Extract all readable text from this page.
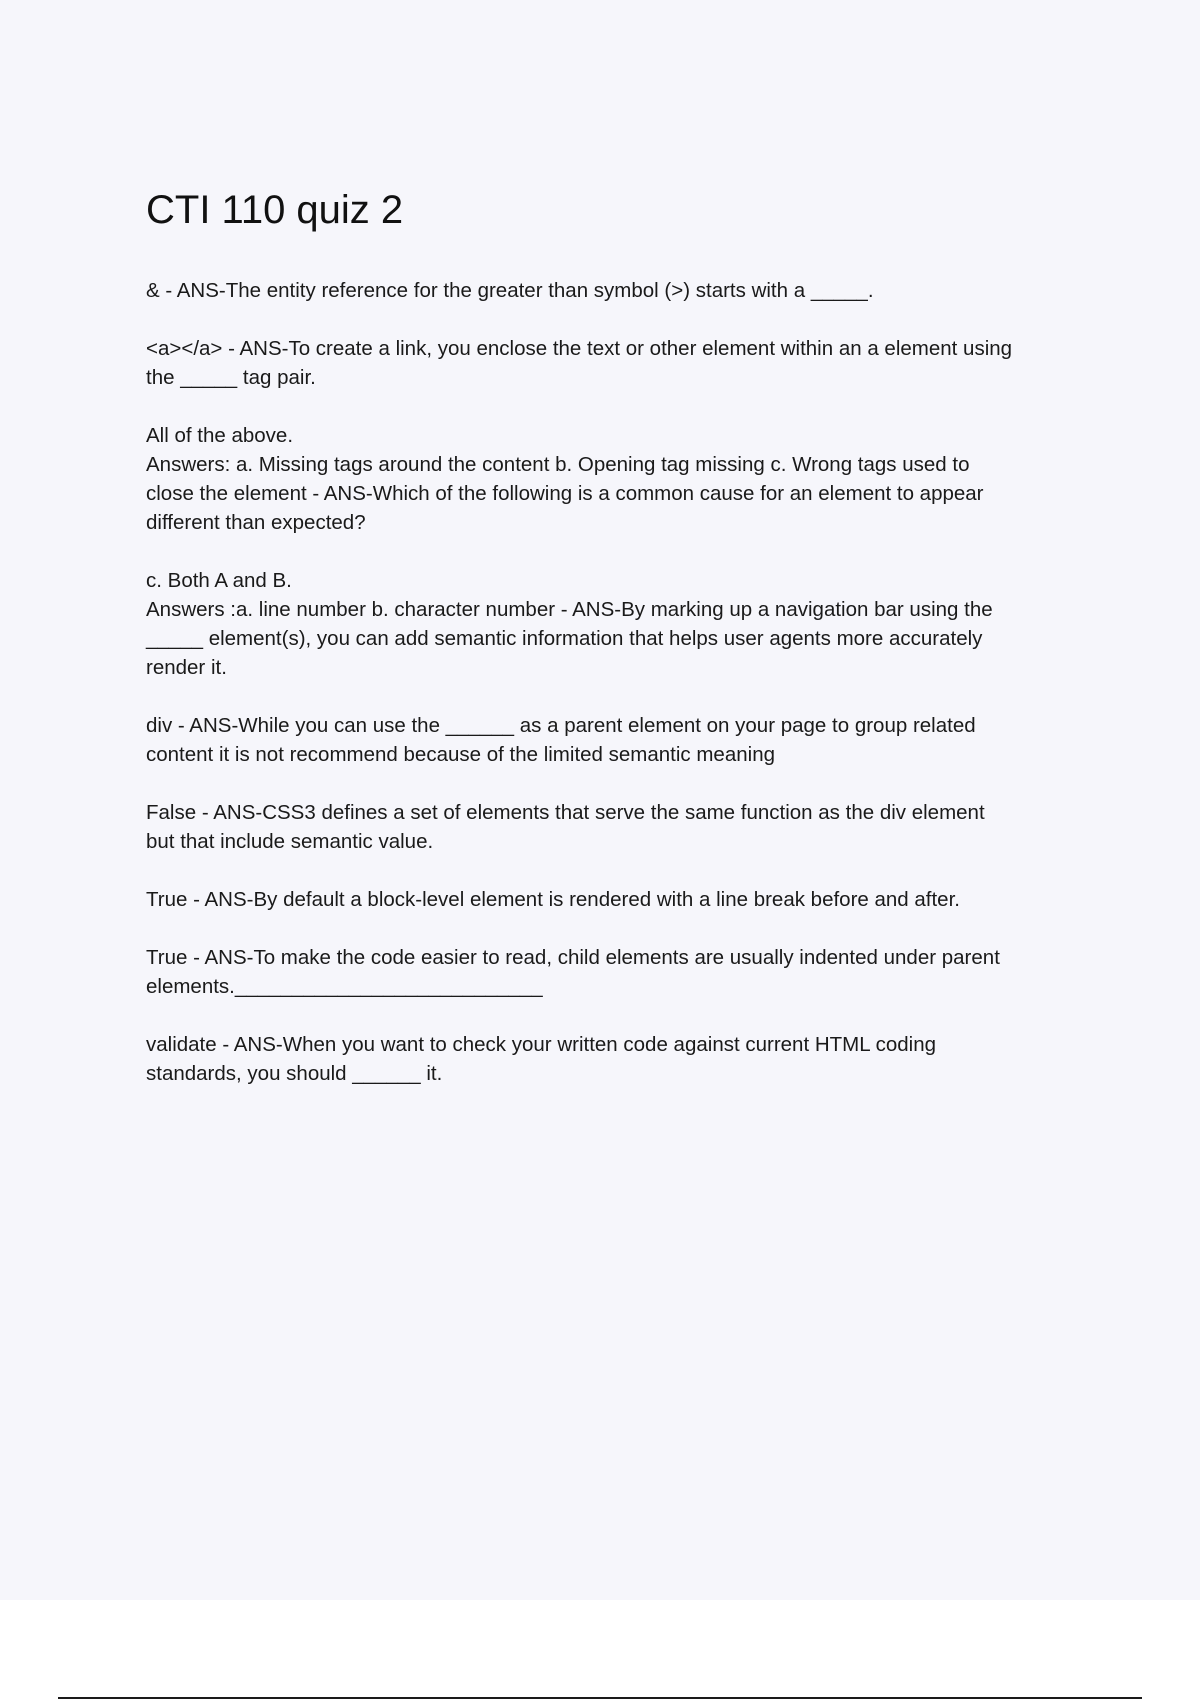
CTI 110 quiz 2
& - ANS-The entity reference for the greater than symbol (>) starts with a _____.
<a></a> - ANS-To create a link, you enclose the text or other element within an a element using
the _____ tag pair.
All of the above.
Answers: a. Missing tags around the content b. Opening tag missing c. Wrong tags used to
close the element - ANS-Which of the following is a common cause for an element to appear
different than expected?
c. Both A and B.
Answers :a. line number b. character number - ANS-By marking up a navigation bar using the
_____ element(s), you can add semantic information that helps user agents more accurately
render it.
div - ANS-While you can use the ______ as a parent element on your page to group related
content it is not recommend because of the limited semantic meaning
False - ANS-CSS3 defines a set of elements that serve the same function as the div element
but that include semantic value.
True - ANS-By default a block-level element is rendered with a line break before and after.
True - ANS-To make the code easier to read, child elements are usually indented under parent
elements.___________________________
validate - ANS-When you want to check your written code against current HTML coding
standards, you should ______ it.
